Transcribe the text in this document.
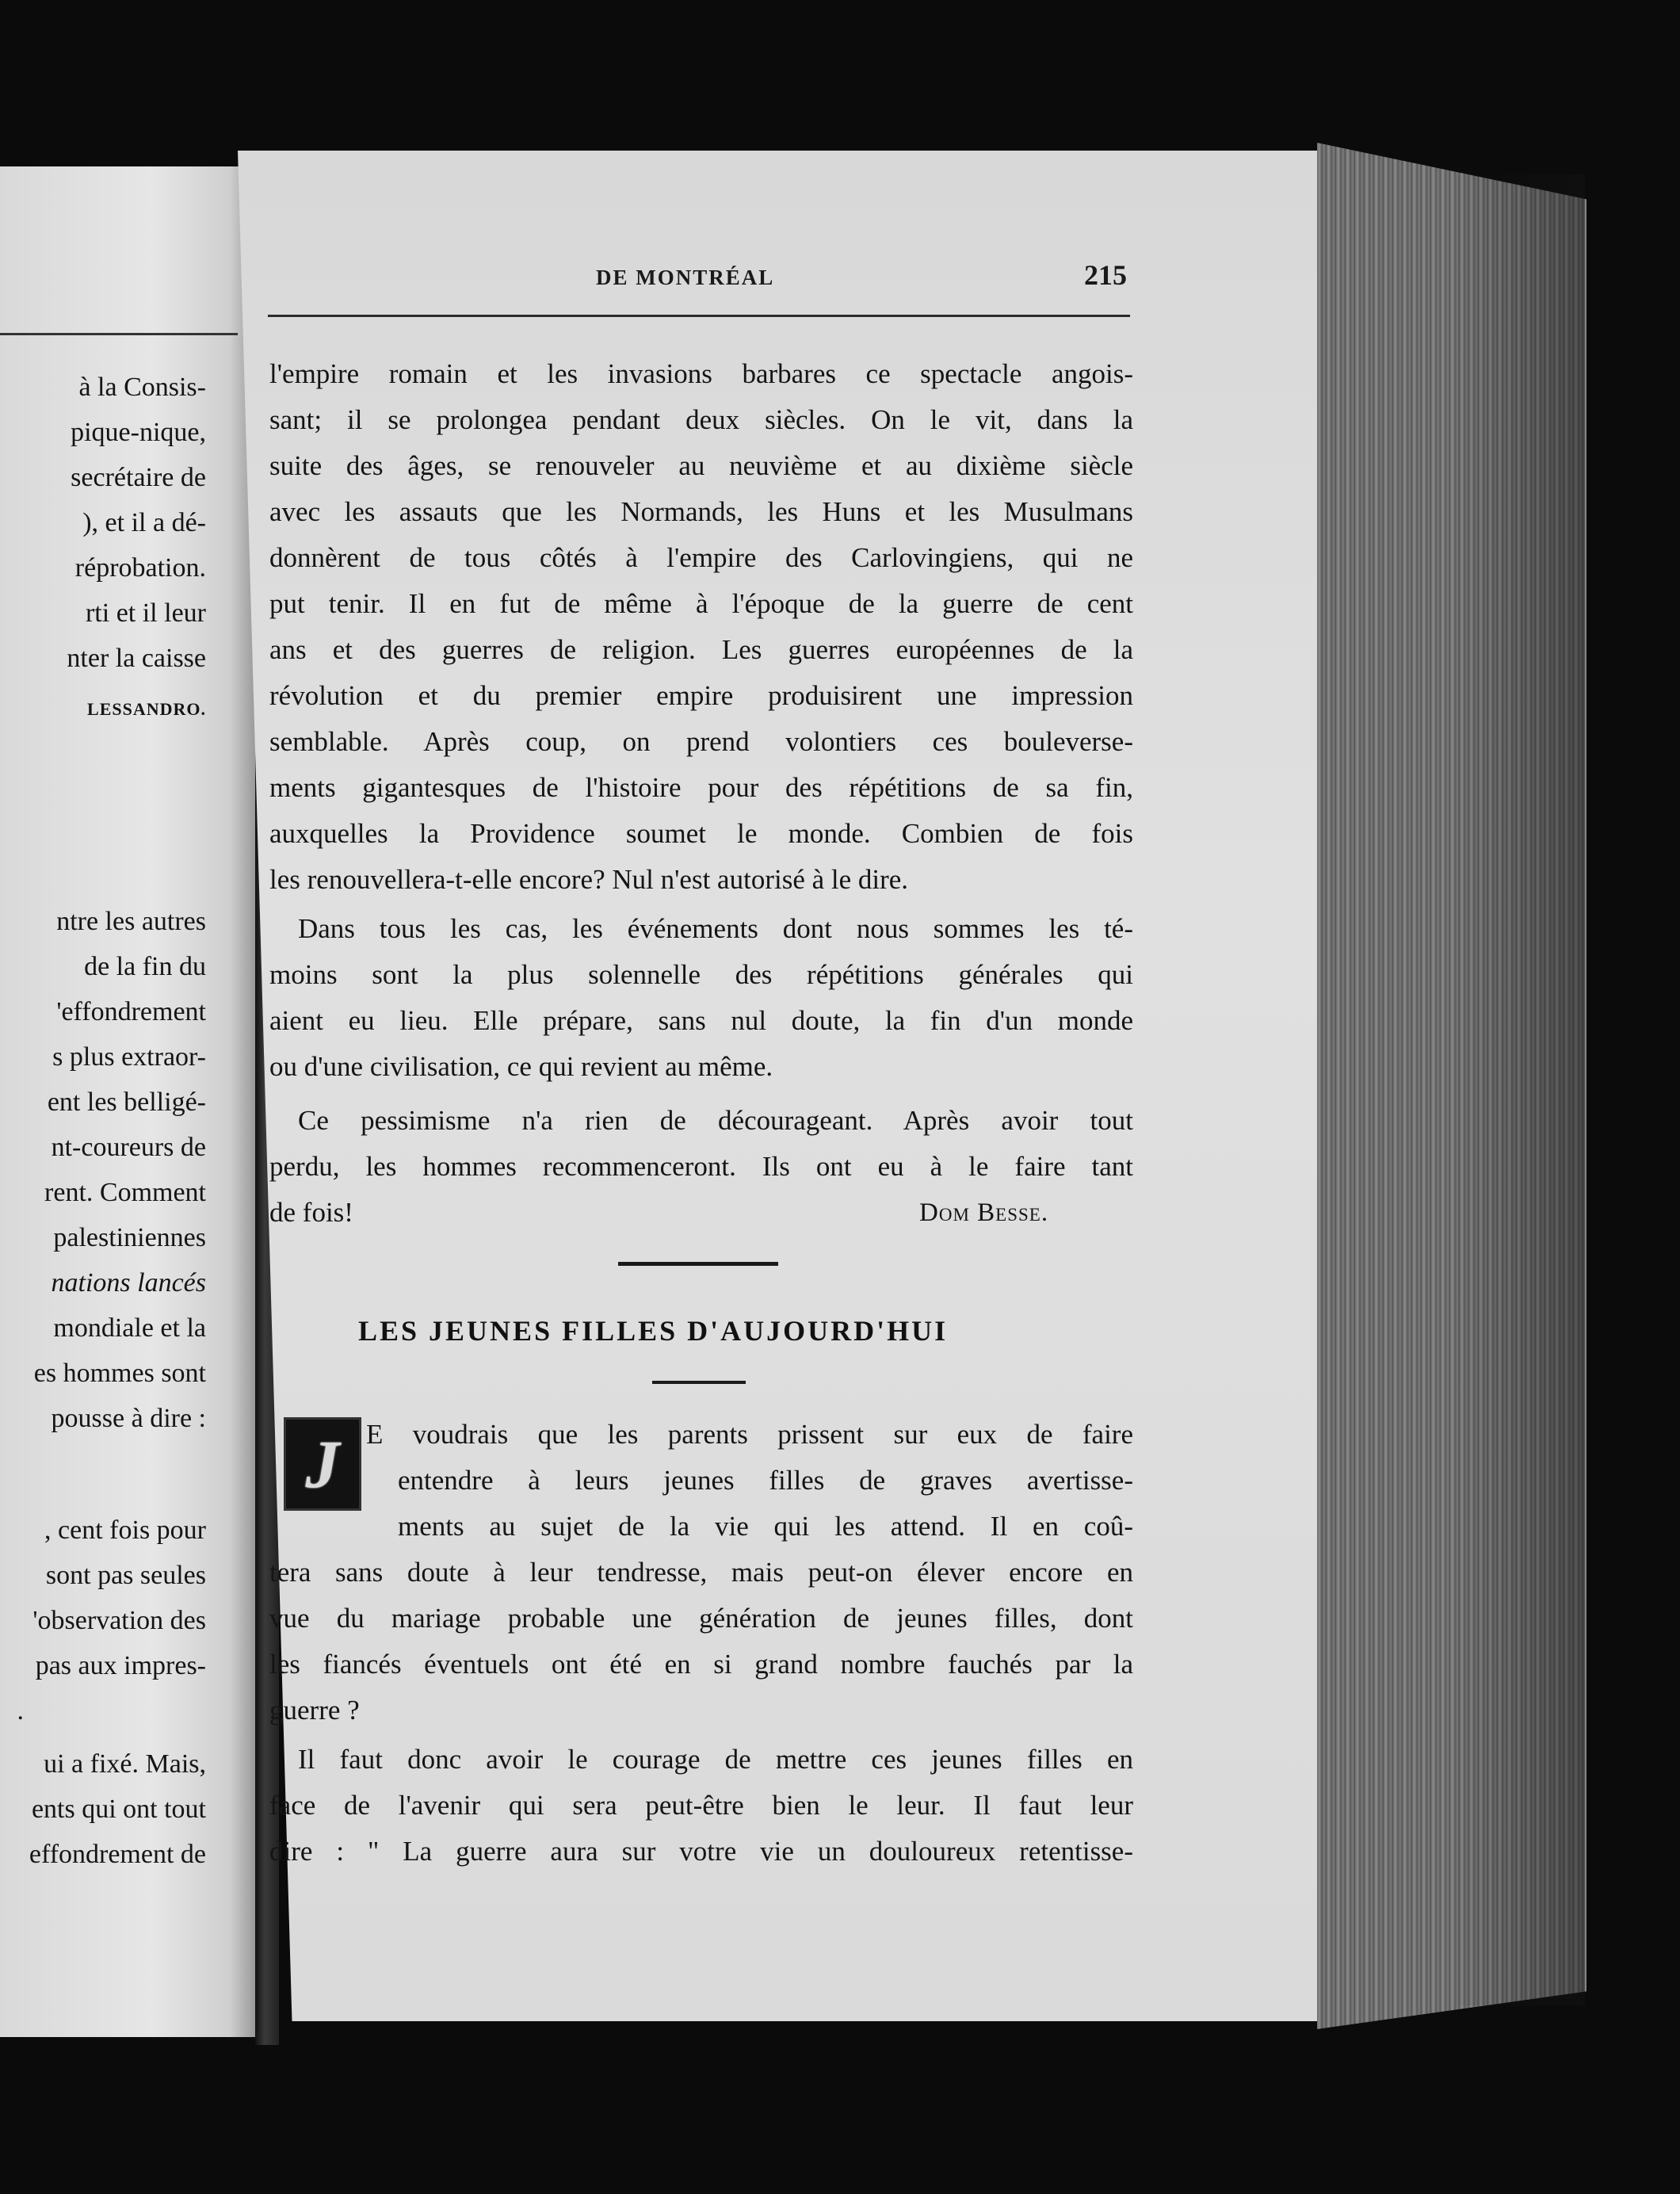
à la Consis-
pique-nique,
secrétaire de
), et il a dé-
réprobation.
rti et il leur
nter la caisse
LESSANDRO.
ntre les autres
de la fin du
'effondrement
s plus extraor-
ent les belligé-
nt-coureurs de
rent. Comment
palestiniennes
nations lancés
mondiale et la
es hommes sont
pousse à dire :
, cent fois pour
sont pas seules
'observation des
pas aux impres-
.
ui a fixé. Mais,
ents qui ont tout
effondrement de
DE MONTRÉAL	215
l'empire romain et les invasions barbares ce spectacle angois-
sant; il se prolongea pendant deux siècles. On le vit, dans la
suite des âges, se renouveler au neuvième et au dixième siècle
avec les assauts que les Normands, les Huns et les Musulmans
donnèrent de tous côtés à l'empire des Carlovingiens, qui ne
put tenir. Il en fut de même à l'époque de la guerre de cent
ans et des guerres de religion. Les guerres européennes de la
révolution et du premier empire produisirent une impression
semblable. Après coup, on prend volontiers ces bouleverse-
ments gigantesques de l'histoire pour des répétitions de sa fin,
auxquelles la Providence soumet le monde. Combien de fois
les renouvellera-t-elle encore? Nul n'est autorisé à le dire.
Dans tous les cas, les événements dont nous sommes les té-
moins sont la plus solennelle des répétitions générales qui
aient eu lieu. Elle prépare, sans nul doute, la fin d'un monde
ou d'une civilisation, ce qui revient au même.
Ce pessimisme n'a rien de décourageant. Après avoir tout
perdu, les hommes recommenceront. Ils ont eu à le faire tant
de fois!	Dom Besse.
LES JEUNES FILLES D'AUJOURD'HUI
J E voudrais que les parents prissent sur eux de faire
entendre à leurs jeunes filles de graves avertisse-
ments au sujet de la vie qui les attend. Il en coû-
tera sans doute à leur tendresse, mais peut-on élever encore en
vue du mariage probable une génération de jeunes filles, dont
les fiancés éventuels ont été en si grand nombre fauchés par la
guerre ?
Il faut donc avoir le courage de mettre ces jeunes filles en
face de l'avenir qui sera peut-être bien le leur. Il faut leur
dire : " La guerre aura sur votre vie un douloureux retentisse-
